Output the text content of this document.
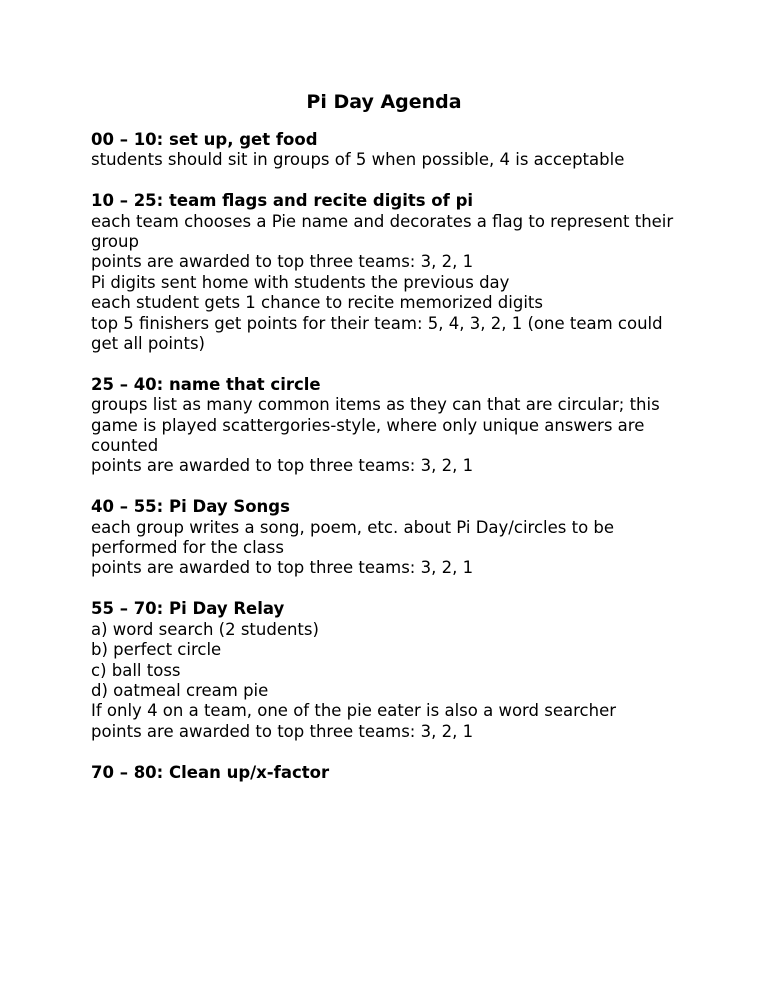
Pi Day Agenda

00 – 10: set up, get food

students should sit in groups of 5 when possible, 4 is acceptable

10 – 25: team flags and recite digits of pi

each team chooses a Pie name and decorates a flag to represent their group

points are awarded to top three teams: 3, 2, 1

Pi digits sent home with students the previous day

each student gets 1 chance to recite memorized digits

top 5 finishers get points for their team: 5, 4, 3, 2, 1 (one team could get all points)

25 – 40: name that circle

groups list as many common items as they can that are circular; this game is played scattergories-style, where only unique answers are counted

points are awarded to top three teams: 3, 2, 1

40 – 55: Pi Day Songs

each group writes a song, poem, etc. about Pi Day/circles to be performed for the class

points are awarded to top three teams: 3, 2, 1

55 – 70: Pi Day Relay

a) word search (2 students)

b) perfect circle

c) ball toss

d) oatmeal cream pie

If only 4 on a team, one of the pie eater is also a word searcher

points are awarded to top three teams: 3, 2, 1

70 – 80: Clean up/x-factor
